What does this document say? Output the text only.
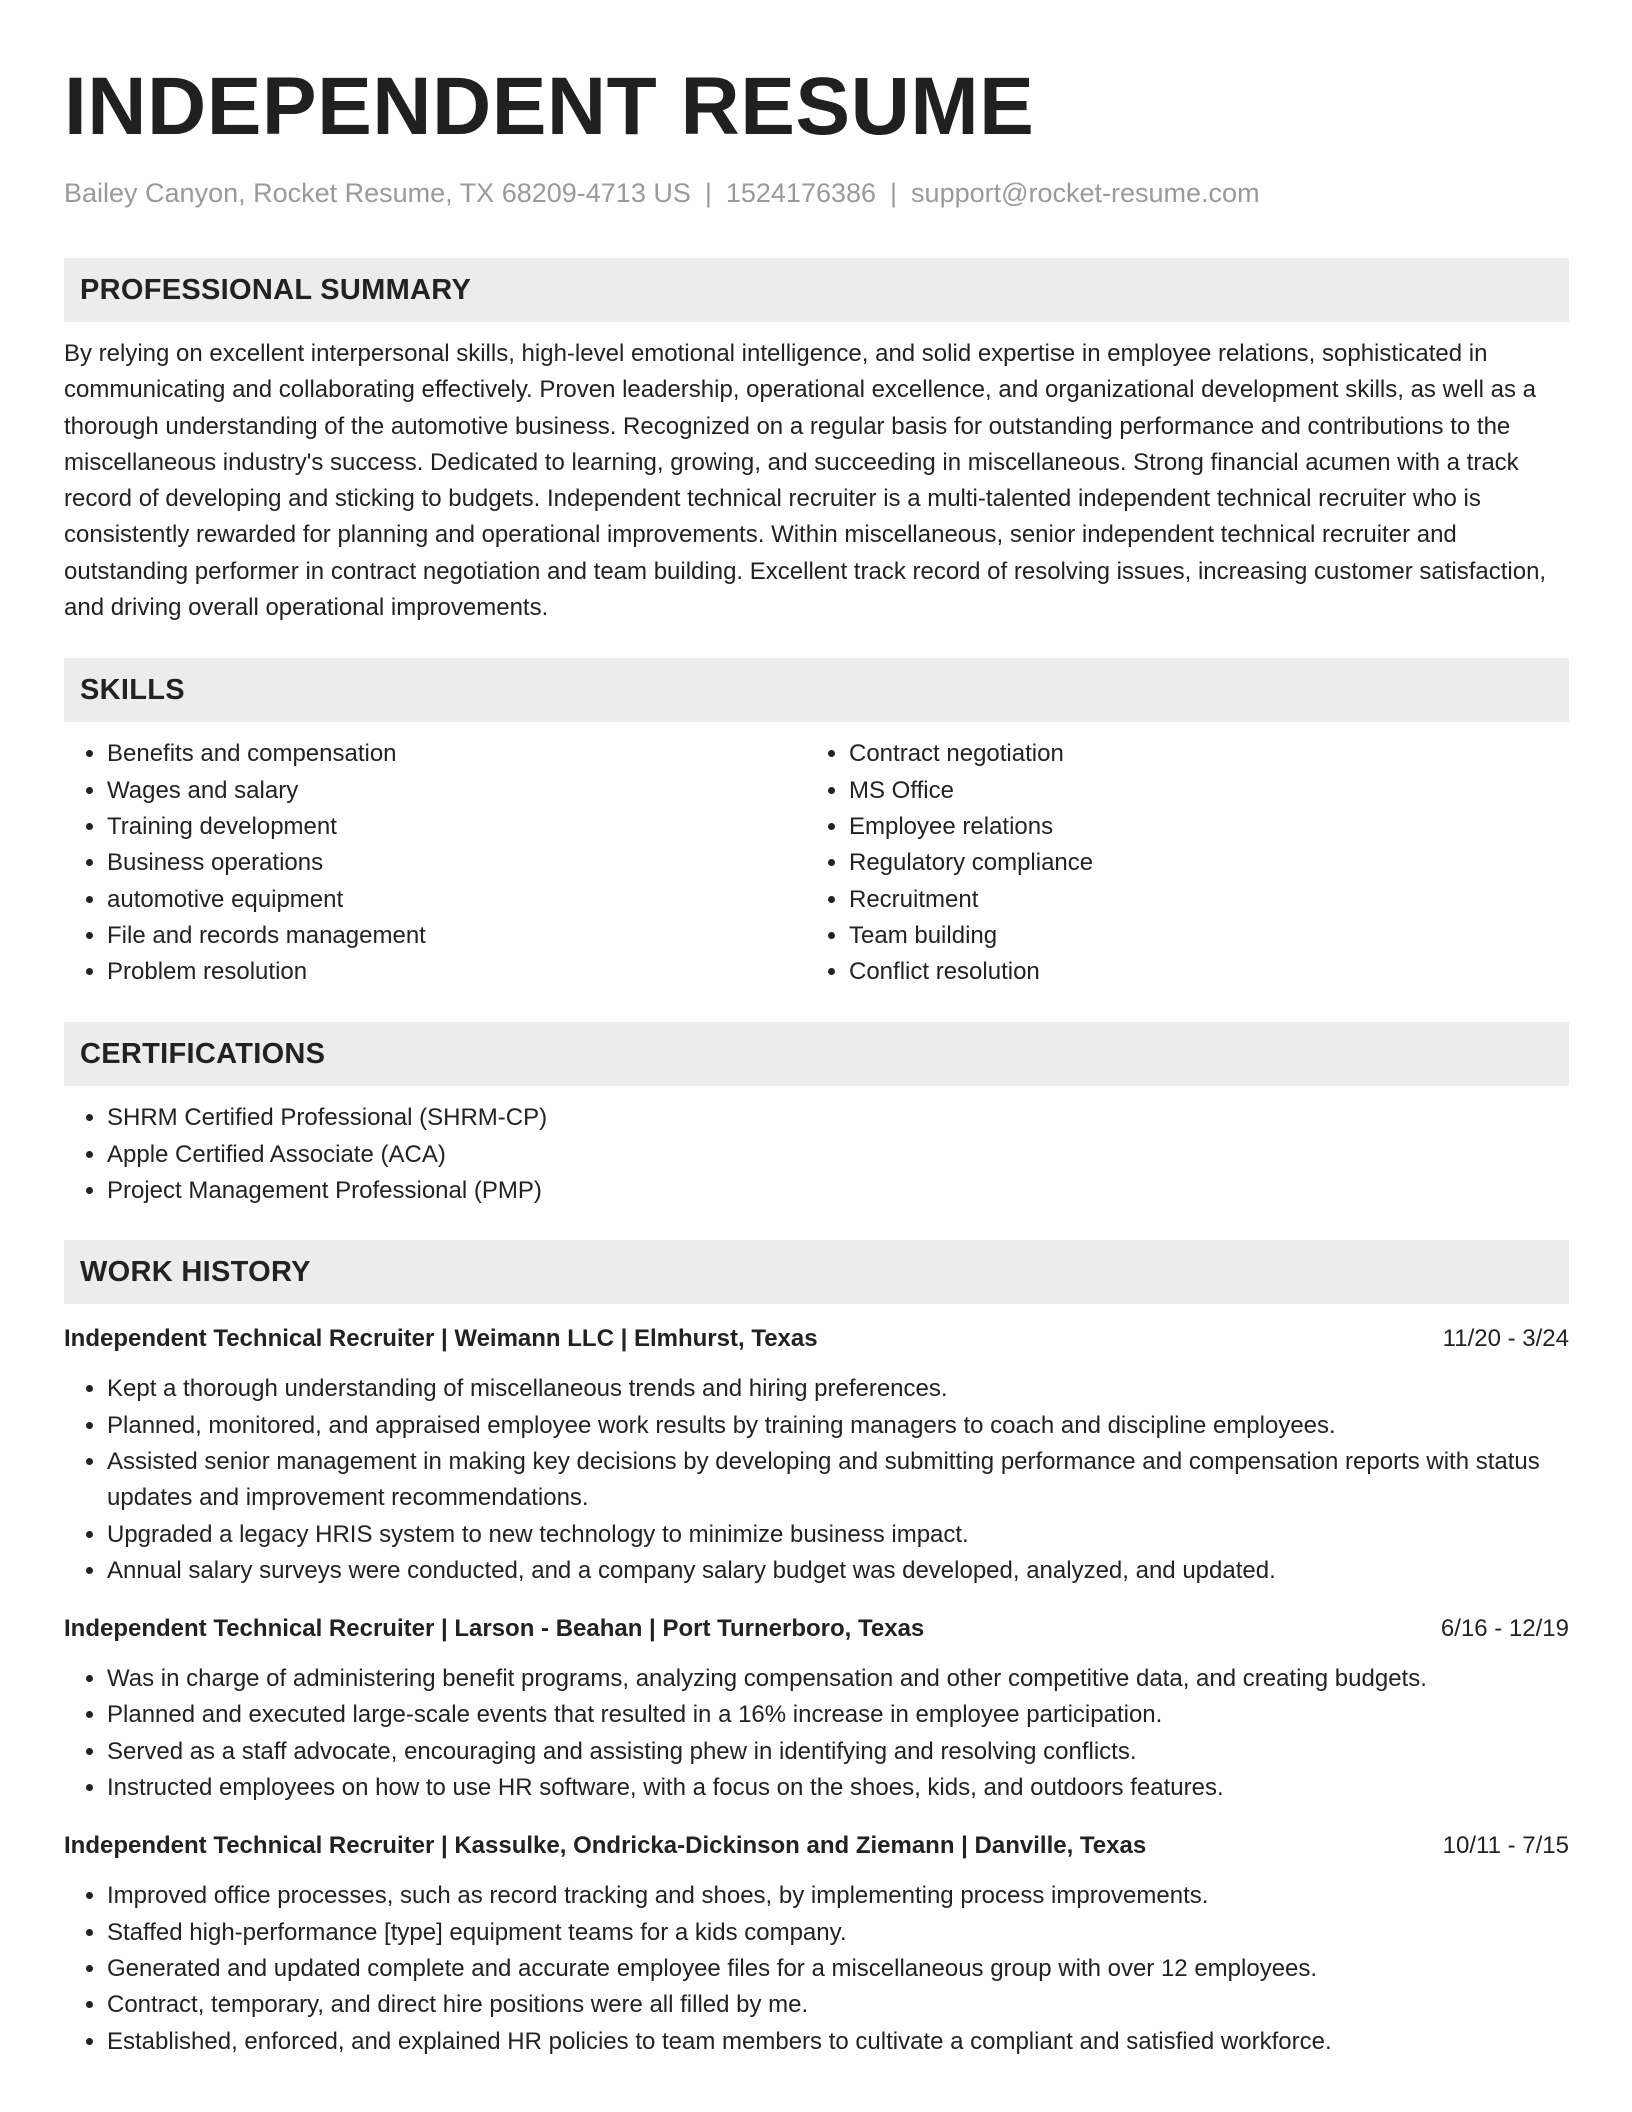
INDEPENDENT RESUME
Bailey Canyon, Rocket Resume, TX 68209-4713 US | 1524176386 | support@rocket-resume.com
PROFESSIONAL SUMMARY

By relying on excellent interpersonal skills, high-level emotional intelligence, and solid expertise in employee relations, sophisticated in communicating and collaborating effectively. Proven leadership, operational excellence, and organizational development skills, as well as a thorough understanding of the automotive business. Recognized on a regular basis for outstanding performance and contributions to the miscellaneous industry's success. Dedicated to learning, growing, and succeeding in miscellaneous. Strong financial acumen with a track record of developing and sticking to budgets. Independent technical recruiter is a multi-talented independent technical recruiter who is consistently rewarded for planning and operational improvements. Within miscellaneous, senior independent technical recruiter and outstanding performer in contract negotiation and team building. Excellent track record of resolving issues, increasing customer satisfaction, and driving overall operational improvements.

SKILLS
• Benefits and compensation
• Wages and salary
• Training development
• Business operations
• automotive equipment
• File and records management
• Problem resolution
• Contract negotiation
• MS Office
• Employee relations
• Regulatory compliance
• Recruitment
• Team building
• Conflict resolution
CERTIFICATIONS
• SHRM Certified Professional (SHRM-CP)
• Apple Certified Associate (ACA)
• Project Management Professional (PMP)
WORK HISTORY
Independent Technical Recruiter | Weimann LLC | Elmhurst, Texas	11/20 - 3/24
• Kept a thorough understanding of miscellaneous trends and hiring preferences.
• Planned, monitored, and appraised employee work results by training managers to coach and discipline employees.
• Assisted senior management in making key decisions by developing and submitting performance and compensation reports with status updates and improvement recommendations.
• Upgraded a legacy HRIS system to new technology to minimize business impact.
• Annual salary surveys were conducted, and a company salary budget was developed, analyzed, and updated.
Independent Technical Recruiter | Larson - Beahan | Port Turnerboro, Texas	6/16 - 12/19
• Was in charge of administering benefit programs, analyzing compensation and other competitive data, and creating budgets.
• Planned and executed large-scale events that resulted in a 16% increase in employee participation.
• Served as a staff advocate, encouraging and assisting phew in identifying and resolving conflicts.
• Instructed employees on how to use HR software, with a focus on the shoes, kids, and outdoors features.
Independent Technical Recruiter | Kassulke, Ondricka-Dickinson and Ziemann | Danville, Texas	10/11 - 7/15
• Improved office processes, such as record tracking and shoes, by implementing process improvements.
• Staffed high-performance [type] equipment teams for a kids company.
• Generated and updated complete and accurate employee files for a miscellaneous group with over 12 employees.
• Contract, temporary, and direct hire positions were all filled by me.
• Established, enforced, and explained HR policies to team members to cultivate a compliant and satisfied workforce.
